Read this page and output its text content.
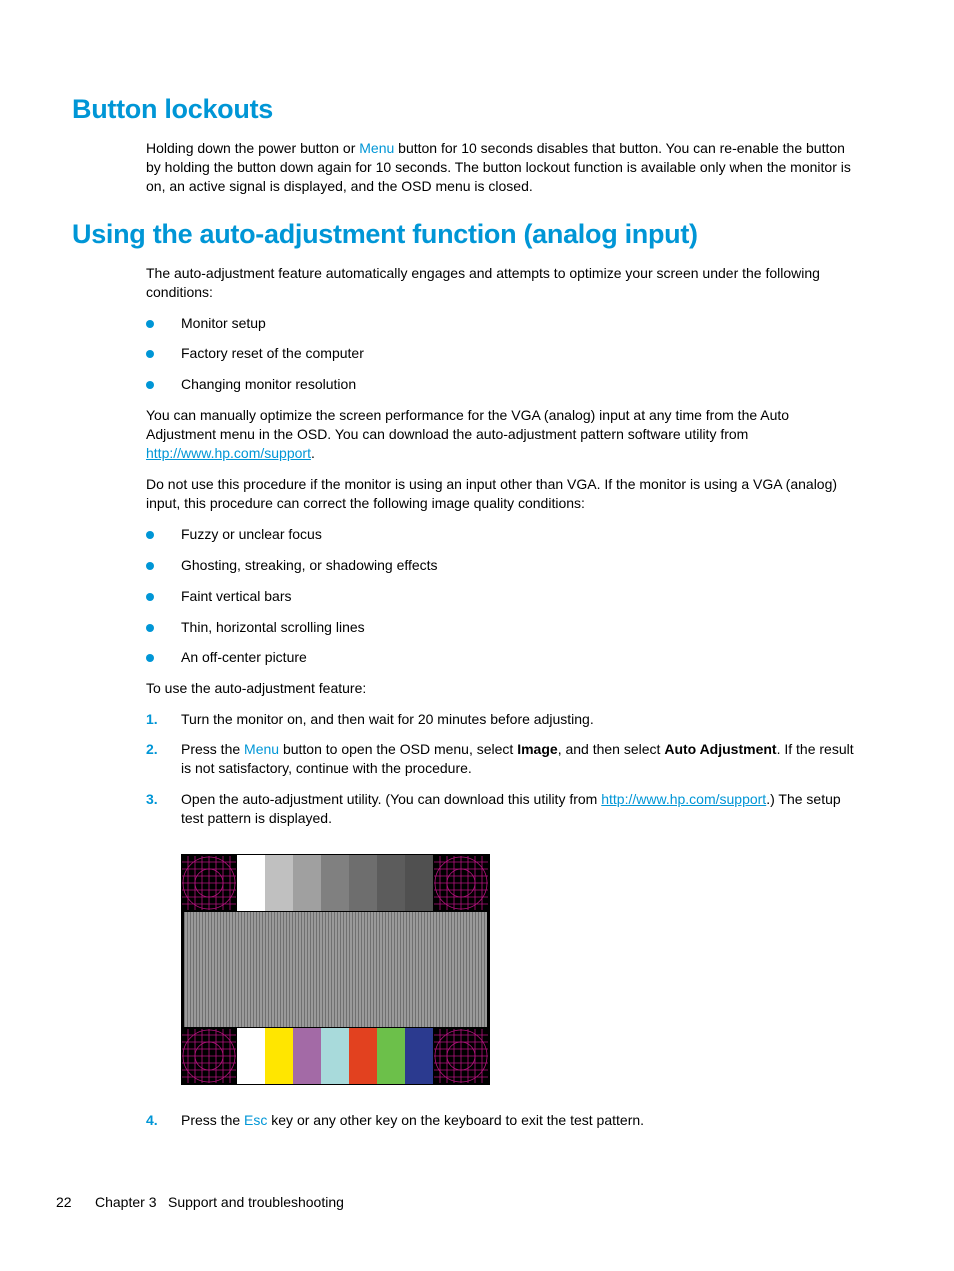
Button lockouts

Holding down the power button or Menu button for 10 seconds disables that button. You can re-enable the button by holding the button down again for 10 seconds. The button lockout function is available only when the monitor is on, an active signal is displayed, and the OSD menu is closed.

Using the auto-adjustment function (analog input)

The auto-adjustment feature automatically engages and attempts to optimize your screen under the following conditions:

Monitor setup
Factory reset of the computer
Changing monitor resolution

You can manually optimize the screen performance for the VGA (analog) input at any time from the Auto Adjustment menu in the OSD. You can download the auto-adjustment pattern software utility from http://www.hp.com/support.

Do not use this procedure if the monitor is using an input other than VGA. If the monitor is using a VGA (analog) input, this procedure can correct the following image quality conditions:

Fuzzy or unclear focus
Ghosting, streaking, or shadowing effects
Faint vertical bars
Thin, horizontal scrolling lines
An off-center picture

To use the auto-adjustment feature:

1. Turn the monitor on, and then wait for 20 minutes before adjusting.
2. Press the Menu button to open the OSD menu, select Image, and then select Auto Adjustment. If the result is not satisfactory, continue with the procedure.
3. Open the auto-adjustment utility. (You can download this utility from http://www.hp.com/support.) The setup test pattern is displayed.
4. Press the Esc key or any other key on the keyboard to exit the test pattern.
22 Chapter 3 Support and troubleshooting
